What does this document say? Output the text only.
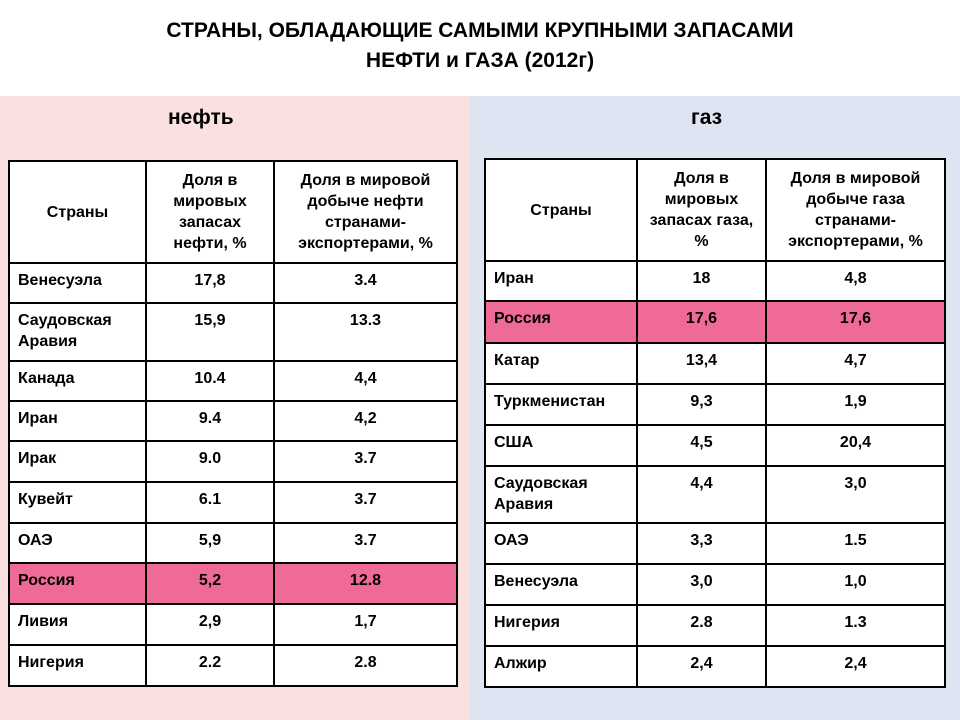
СТРАНЫ, ОБЛАДАЮЩИЕ САМЫМИ КРУПНЫМИ ЗАПАСАМИ
НЕФТИ и ГАЗА (2012г)
нефть
Страны	Доля в мировых запасах нефти, %	Доля в мировой добыче нефти странами-экспортерами, %
Венесуэла	17,8	3.4
Саудовская Аравия	15,9	13.3
Канада	10.4	4,4
Иран	9.4	4,2
Ирак	9.0	3.7
Кувейт	6.1	3.7
ОАЭ	5,9	3.7
Россия	5,2	12.8
Ливия	2,9	1,7
Нигерия	2.2	2.8
газ
Страны	Доля в мировых запасах газа, %	Доля в мировой добыче газа странами-экспортерами, %
Иран	18	4,8
Россия	17,6	17,6
Катар	13,4	4,7
Туркменистан	9,3	1,9
США	4,5	20,4
Саудовская Аравия	4,4	3,0
ОАЭ	3,3	1.5
Венесуэла	3,0	1,0
Нигерия	2.8	1.3
Алжир	2,4	2,4
